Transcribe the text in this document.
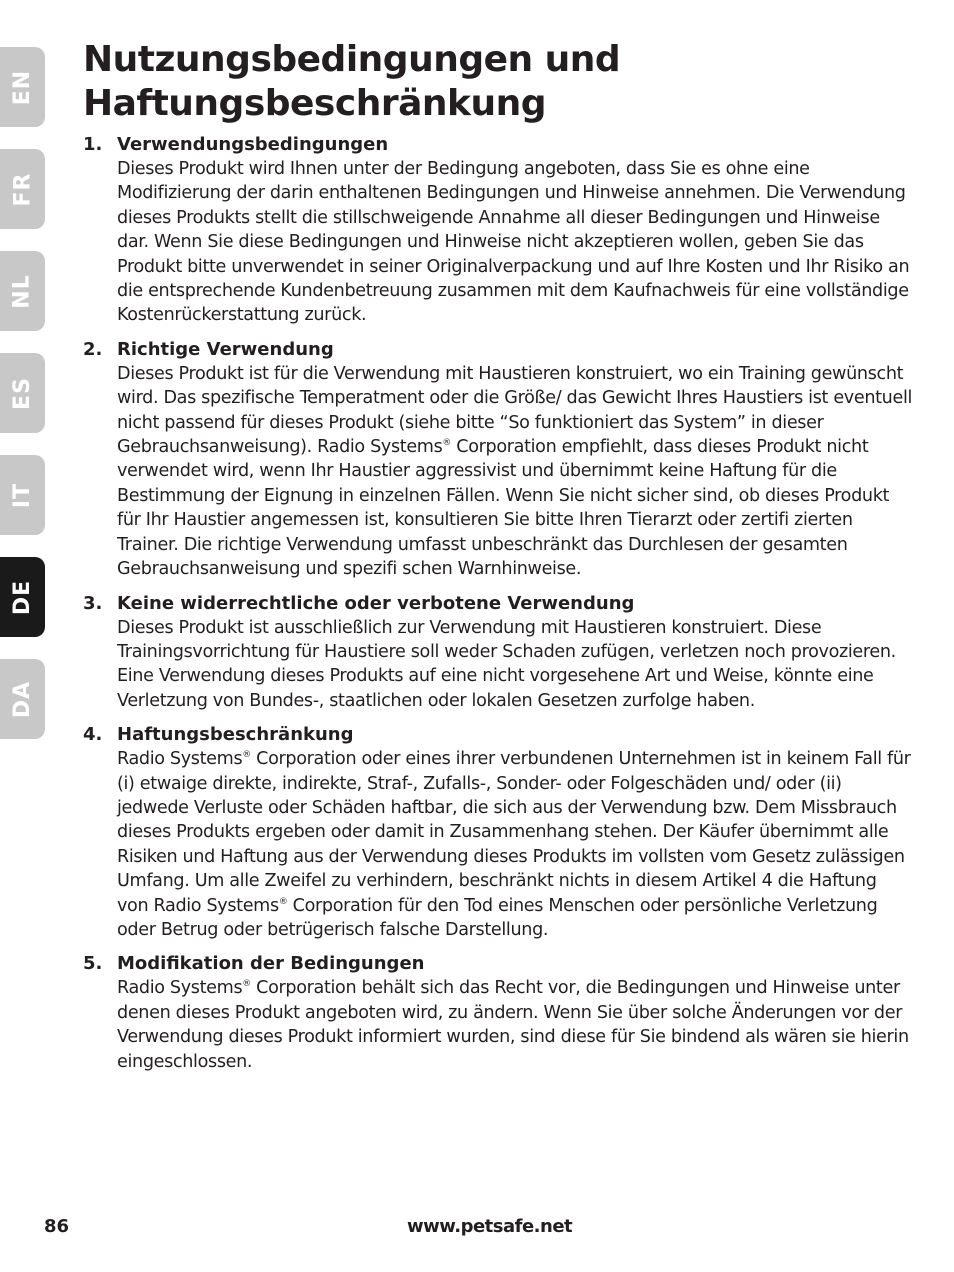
EN
FR
NL
ES
IT
DE
DA
Nutzungsbedingungen und Haftungsbeschränkung
1. Verwendungsbedingungen
Dieses Produkt wird Ihnen unter der Bedingung angeboten, dass Sie es ohne eine Modifizierung der darin enthaltenen Bedingungen und Hinweise annehmen. Die Verwendung dieses Produkts stellt die stillschweigende Annahme all dieser Bedingungen und Hinweise dar. Wenn Sie diese Bedingungen und Hinweise nicht akzeptieren wollen, geben Sie das Produkt bitte unverwendet in seiner Originalverpackung und auf Ihre Kosten und Ihr Risiko an die entsprechende Kundenbetreuung zusammen mit dem Kaufnachweis für eine vollständige Kostenrückerstattung zurück.
2. Richtige Verwendung
Dieses Produkt ist für die Verwendung mit Haustieren konstruiert, wo ein Training gewünscht wird. Das spezifische Temperatment oder die Größe/ das Gewicht Ihres Haustiers ist eventuell nicht passend für dieses Produkt (siehe bitte “So funktioniert das System” in dieser Gebrauchsanweisung). Radio Systems® Corporation empfiehlt, dass dieses Produkt nicht verwendet wird, wenn Ihr Haustier aggressivist und übernimmt keine Haftung für die Bestimmung der Eignung in einzelnen Fällen. Wenn Sie nicht sicher sind, ob dieses Produkt für Ihr Haustier angemessen ist, konsultieren Sie bitte Ihren Tierarzt oder zertifi zierten Trainer. Die richtige Verwendung umfasst unbeschränkt das Durchlesen der gesamten Gebrauchsanweisung und spezifi schen Warnhinweise.
3. Keine widerrechtliche oder verbotene Verwendung
Dieses Produkt ist ausschließlich zur Verwendung mit Haustieren konstruiert. Diese Trainingsvorrichtung für Haustiere soll weder Schaden zufügen, verletzen noch provozieren. Eine Verwendung dieses Produkts auf eine nicht vorgesehene Art und Weise, könnte eine Verletzung von Bundes-, staatlichen oder lokalen Gesetzen zurfolge haben.
4. Haftungsbeschränkung
Radio Systems® Corporation oder eines ihrer verbundenen Unternehmen ist in keinem Fall für (i) etwaige direkte, indirekte, Straf-, Zufalls-, Sonder- oder Folgeschäden und/ oder (ii) jedwede Verluste oder Schäden haftbar, die sich aus der Verwendung bzw. Dem Missbrauch dieses Produkts ergeben oder damit in Zusammenhang stehen. Der Käufer übernimmt alle Risiken und Haftung aus der Verwendung dieses Produkts im vollsten vom Gesetz zulässigen Umfang. Um alle Zweifel zu verhindern, beschränkt nichts in diesem Artikel 4 die Haftung von Radio Systems® Corporation für den Tod eines Menschen oder persönliche Verletzung oder Betrug oder betrügerisch falsche Darstellung.
5. Modifikation der Bedingungen
Radio Systems® Corporation behält sich das Recht vor, die Bedingungen und Hinweise unter denen dieses Produkt angeboten wird, zu ändern. Wenn Sie über solche Änderungen vor der Verwendung dieses Produkt informiert wurden, sind diese für Sie bindend als wären sie hierin eingeschlossen.
86	www.petsafe.net
